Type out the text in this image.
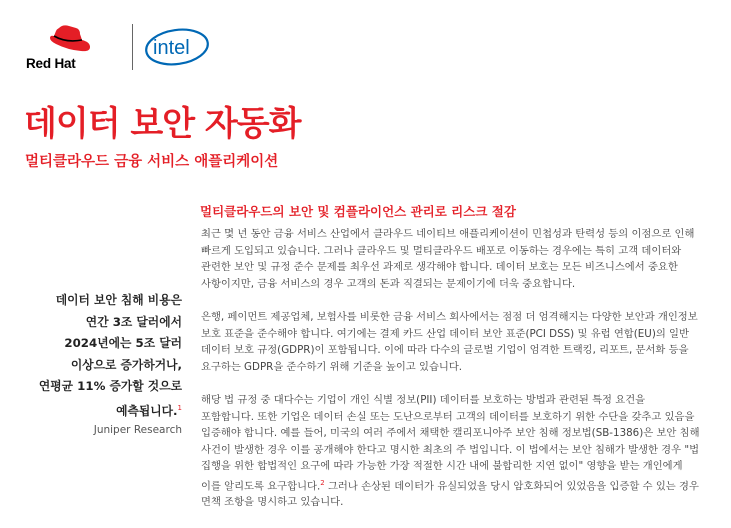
Red Hat
intel
데이터 보안 자동화
멀티클라우드 금융 서비스 애플리케이션
멀티클라우드의 보안 및 컴플라이언스 관리로 리스크 절감

최근 몇 년 동안 금융 서비스 산업에서 클라우드 네이티브 애플리케이션이 민첩성과 탄력성 등의 이점으로 인해
빠르게 도입되고 있습니다. 그러나 클라우드 및 멀티클라우드 배포로 이동하는 경우에는 특히 고객 데이터와
관련한 보안 및 규정 준수 문제를 최우선 과제로 생각해야 합니다. 데이터 보호는 모든 비즈니스에서 중요한
사항이지만, 금융 서비스의 경우 고객의 돈과 직결되는 문제이기에 더욱 중요합니다.

은행, 페이먼트 제공업체, 보험사를 비롯한 금융 서비스 회사에서는 점점 더 엄격해지는 다양한 보안과 개인정보
보호 표준을 준수해야 합니다. 여기에는 결제 카드 산업 데이터 보안 표준(PCI DSS) 및 유럽 연합(EU)의 일반
데이터 보호 규정(GDPR)이 포함됩니다. 이에 따라 다수의 글로벌 기업이 엄격한 트랙킹, 리포트, 문서화 등을
요구하는 GDPR을 준수하기 위해 기준을 높이고 있습니다.

해당 법 규정 중 대다수는 기업이 개인 식별 정보(PII) 데이터를 보호하는 방법과 관련된 특정 요건을
포함합니다. 또한 기업은 데이터 손실 또는 도난으로부터 고객의 데이터를 보호하기 위한 수단을 갖추고 있음을
입증해야 합니다. 예를 들어, 미국의 여러 주에서 채택한 캘리포니아주 보안 침해 정보법(SB-1386)은 보안 침해
사건이 발생한 경우 이를 공개해야 한다고 명시한 최초의 주 법입니다. 이 법에서는 보안 침해가 발생한 경우 "법
집행을 위한 합법적인 요구에 따라 가능한 가장 적절한 시간 내에 불합리한 지연 없이" 영향을 받는 개인에게
이를 알리도록 요구합니다.$^2$ 그러나 손상된 데이터가 유실되었을 당시 암호화되어 있었음을 입증할 수 있는 경우
면책 조항을 명시하고 있습니다.

데이터 보안 침해 비용은
연간 3조 달러에서
2024년에는 5조 달러
이상으로 증가하거나,
연평균 11% 증가할 것으로
예측됩니다.$^1$

Juniper Research
